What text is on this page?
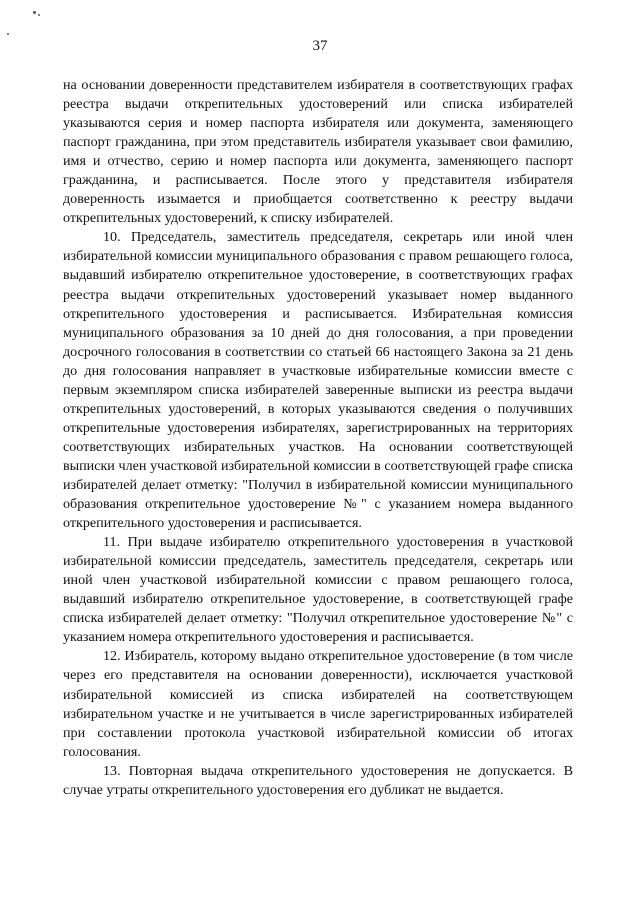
37

на основании доверенности представителем избирателя в соответствующих графах реестра выдачи открепительных удостоверений или списка избирателей указываются серия и номер паспорта избирателя или документа, заменяющего паспорт гражданина, при этом представитель избирателя указывает свои фамилию, имя и отчество, серию и номер паспорта или документа, заменяющего паспорт гражданина, и расписывается. После этого у представителя избирателя доверенность изымается и приобщается соответственно к реестру выдачи открепительных удостоверений, к списку избирателей.

10. Председатель, заместитель председателя, секретарь или иной член избирательной комиссии муниципального образования с правом решающего голоса, выдавший избирателю открепительное удостоверение, в соответствующих графах реестра выдачи открепительных удостоверений указывает номер выданного открепительного удостоверения и расписывается. Избирательная комиссия муниципального образования за 10 дней до дня голосования, а при проведении досрочного голосования в соответствии со статьей 66 настоящего Закона за 21 день до дня голосования направляет в участковые избирательные комиссии вместе с первым экземпляром списка избирателей заверенные выписки из реестра выдачи открепительных удостоверений, в которых указываются сведения о получивших открепительные удостоверения избирателях, зарегистрированных на территориях соответствующих избирательных участков. На основании соответствующей выписки член участковой избирательной комиссии в соответствующей графе списка избирателей делает отметку: "Получил в избирательной комиссии муниципального образования открепительное удостоверение №" с указанием номера выданного открепительного удостоверения и расписывается.

11. При выдаче избирателю открепительного удостоверения в участковой избирательной комиссии председатель, заместитель председателя, секретарь или иной член участковой избирательной комиссии с правом решающего голоса, выдавший избирателю открепительное удостоверение, в соответствующей графе списка избирателей делает отметку: "Получил открепительное удостоверение №" с указанием номера открепительного удостоверения и расписывается.

12. Избиратель, которому выдано открепительное удостоверение (в том числе через его представителя на основании доверенности), исключается участковой избирательной комиссией из списка избирателей на соответствующем избирательном участке и не учитывается в числе зарегистрированных избирателей при составлении протокола участковой избирательной комиссии об итогах голосования.

13. Повторная выдача открепительного удостоверения не допускается. В случае утраты открепительного удостоверения его дубликат не выдается.
